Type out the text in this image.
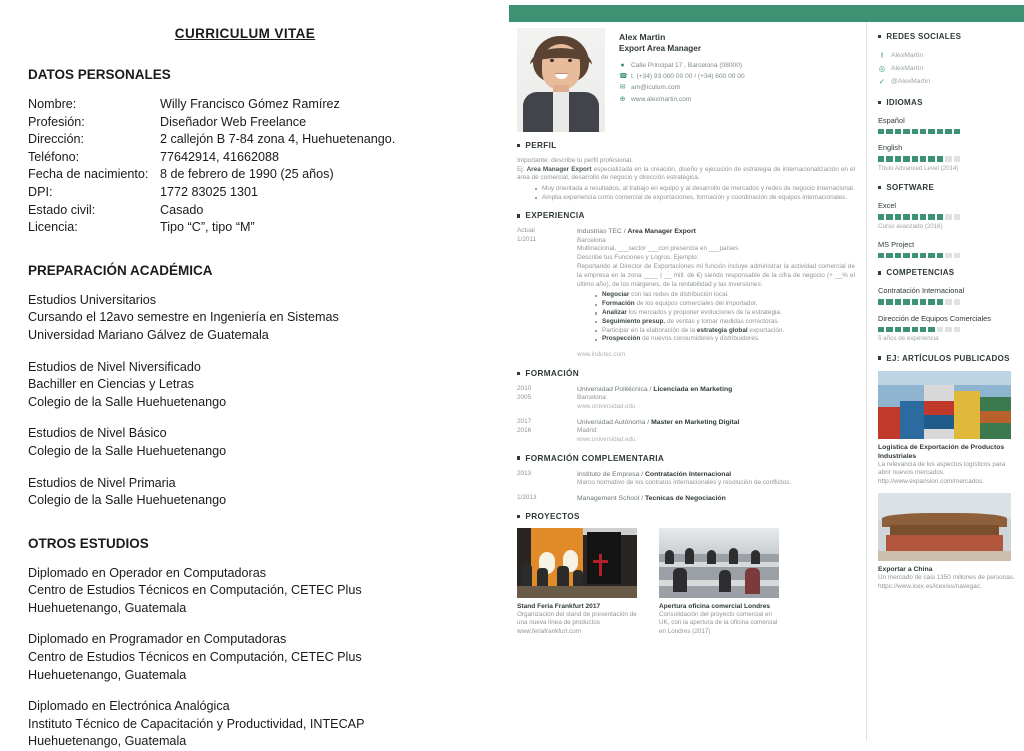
CURRICULUM VITAE
DATOS PERSONALES
Nombre:	Willy Francisco Gómez Ramírez
Profesión:	Diseñador Web Freelance
Dirección:	2 callejón B 7-84 zona 4, Huehuetenango.
Teléfono:	77642914, 41662088
Fecha de nacimiento: 8 de febrero de 1990 (25 años)
DPI:	1772 83025 1301
Estado civil:	Casado
Licencia:	Tipo “C”, tipo “M”
PREPARACIÓN ACADÉMICA
Estudios Universitarios
Cursando el 12avo semestre en Ingeniería en Sistemas
Universidad Mariano Gálvez de Guatemala
Estudios de Nivel Niversificado
Bachiller en Ciencias y Letras
Colegio de la Salle Huehuetenango
Estudios de Nivel Básico
Colegio de la Salle Huehuetenango
Estudios de Nivel Primaria
Colegio de la Salle Huehuetenango
OTROS ESTUDIOS
Diplomado en Operador en Computadoras
Centro de Estudios Técnicos en Computación, CETEC Plus
Huehuetenango, Guatemala
Diplomado en Programador en Computadoras
Centro de Estudios Técnicos en Computación, CETEC Plus
Huehuetenango, Guatemala
Diplomado en Electrónica Analógica
Instituto Técnico de Capacitación y Productividad, INTECAP
Huehuetenango, Guatemala
Alex Martin
Export Area Manager
● Calle Principal 17 , Barcelona (08000)
☎ t. (+34) 93 000 00 00 / (+34) 600 00 00
✉ am@iculum.com
⊕ www.alexmartin.com
PERFIL
Importante: describe tu perfil profesional.
Ej: Area Manager Export especializada en la creación, diseño y ejecución de estrategia de internacionalización en el área de comercial, desarrollo de negocio y dirección estratégica.
Muy orientada a resultados, al trabajo en equipo y al desarrollo de mercados y redes de negocio internacional.
Amplia experiencia como comercial de exportaciones, formación y coordinación de equipos internacionales.
EXPERIENCIA
Actual
1/2011
Industrias TEC / Area Manager Export
Barcelona
Multinacional, ___sector ___con presencia en ___países
Describe tus Funciones y Logros. Ejemplo:
Reportando al Director de Exportaciones mi función incluye administrar la actividad comercial de la empresa en la zona ____ ( __ mill. de €) siendo responsable de la cifra de negocio (+ __% el último año), de los márgenes, de la rentabilidad y las inversiones:
Negociar con las redes de distribución local.
Formación de los equipos comerciales del importador.
Analizar los mercados y proponer evoluciones de la estrategia.
Seguimiento presup. de ventas y tomar medidas correctoras.
Participar en la elaboración de la estrategia global exportación.
Prospección de nuevos consumidores y distribuidores.
www.indutec.com
FORMACIÓN
2010
2005
Universidad Politécnica / Licenciada en Marketing
Barcelona
www.universidad.edu
2017
2016
Universidad Autónoma / Master en Marketing Digital
Madrid
www.universidad.edu
FORMACIÓN COMPLEMENTARIA
2013	Instituto de Empresa / Contratación Internacional
Marco normativo de los contratos internacionales y resolución de conflictos.
1/2013	Management School / Tecnicas de Negociación
PROYECTOS
Stand Feria Frankfurt 2017
Organización del stand de presentación de una nueva línea de productos
www.feriafrankfurt.com
Apertura oficina comercial Londres
Consolidación del proyecto comercial en UK, con la apertura de la oficina comercial en Londres (2017)
REDES SOCIALES
f	AlexMartin
◎ AlexMartin
✓ @AlexMartin
IDIOMAS
Español
English
Título Advanced Level (2014)
SOFTWARE
Excel
Curso avanzado (2016)
MS Project
COMPETENCIAS
Contratación Internacional
Dirección de Equipos Comerciales
5 años de experiencia
EJ: ARTÍCULOS PUBLICADOS
Logistica de Exportación de Productos Industriales
La relevancia de los aspectos logísticos para abrir nuevos mercados.
http://www.expansion.com/mercados.
Exportar a China
Un mercado de casi 1350 millones de personas.
https://www.icex.es/icex/es/navegac.
